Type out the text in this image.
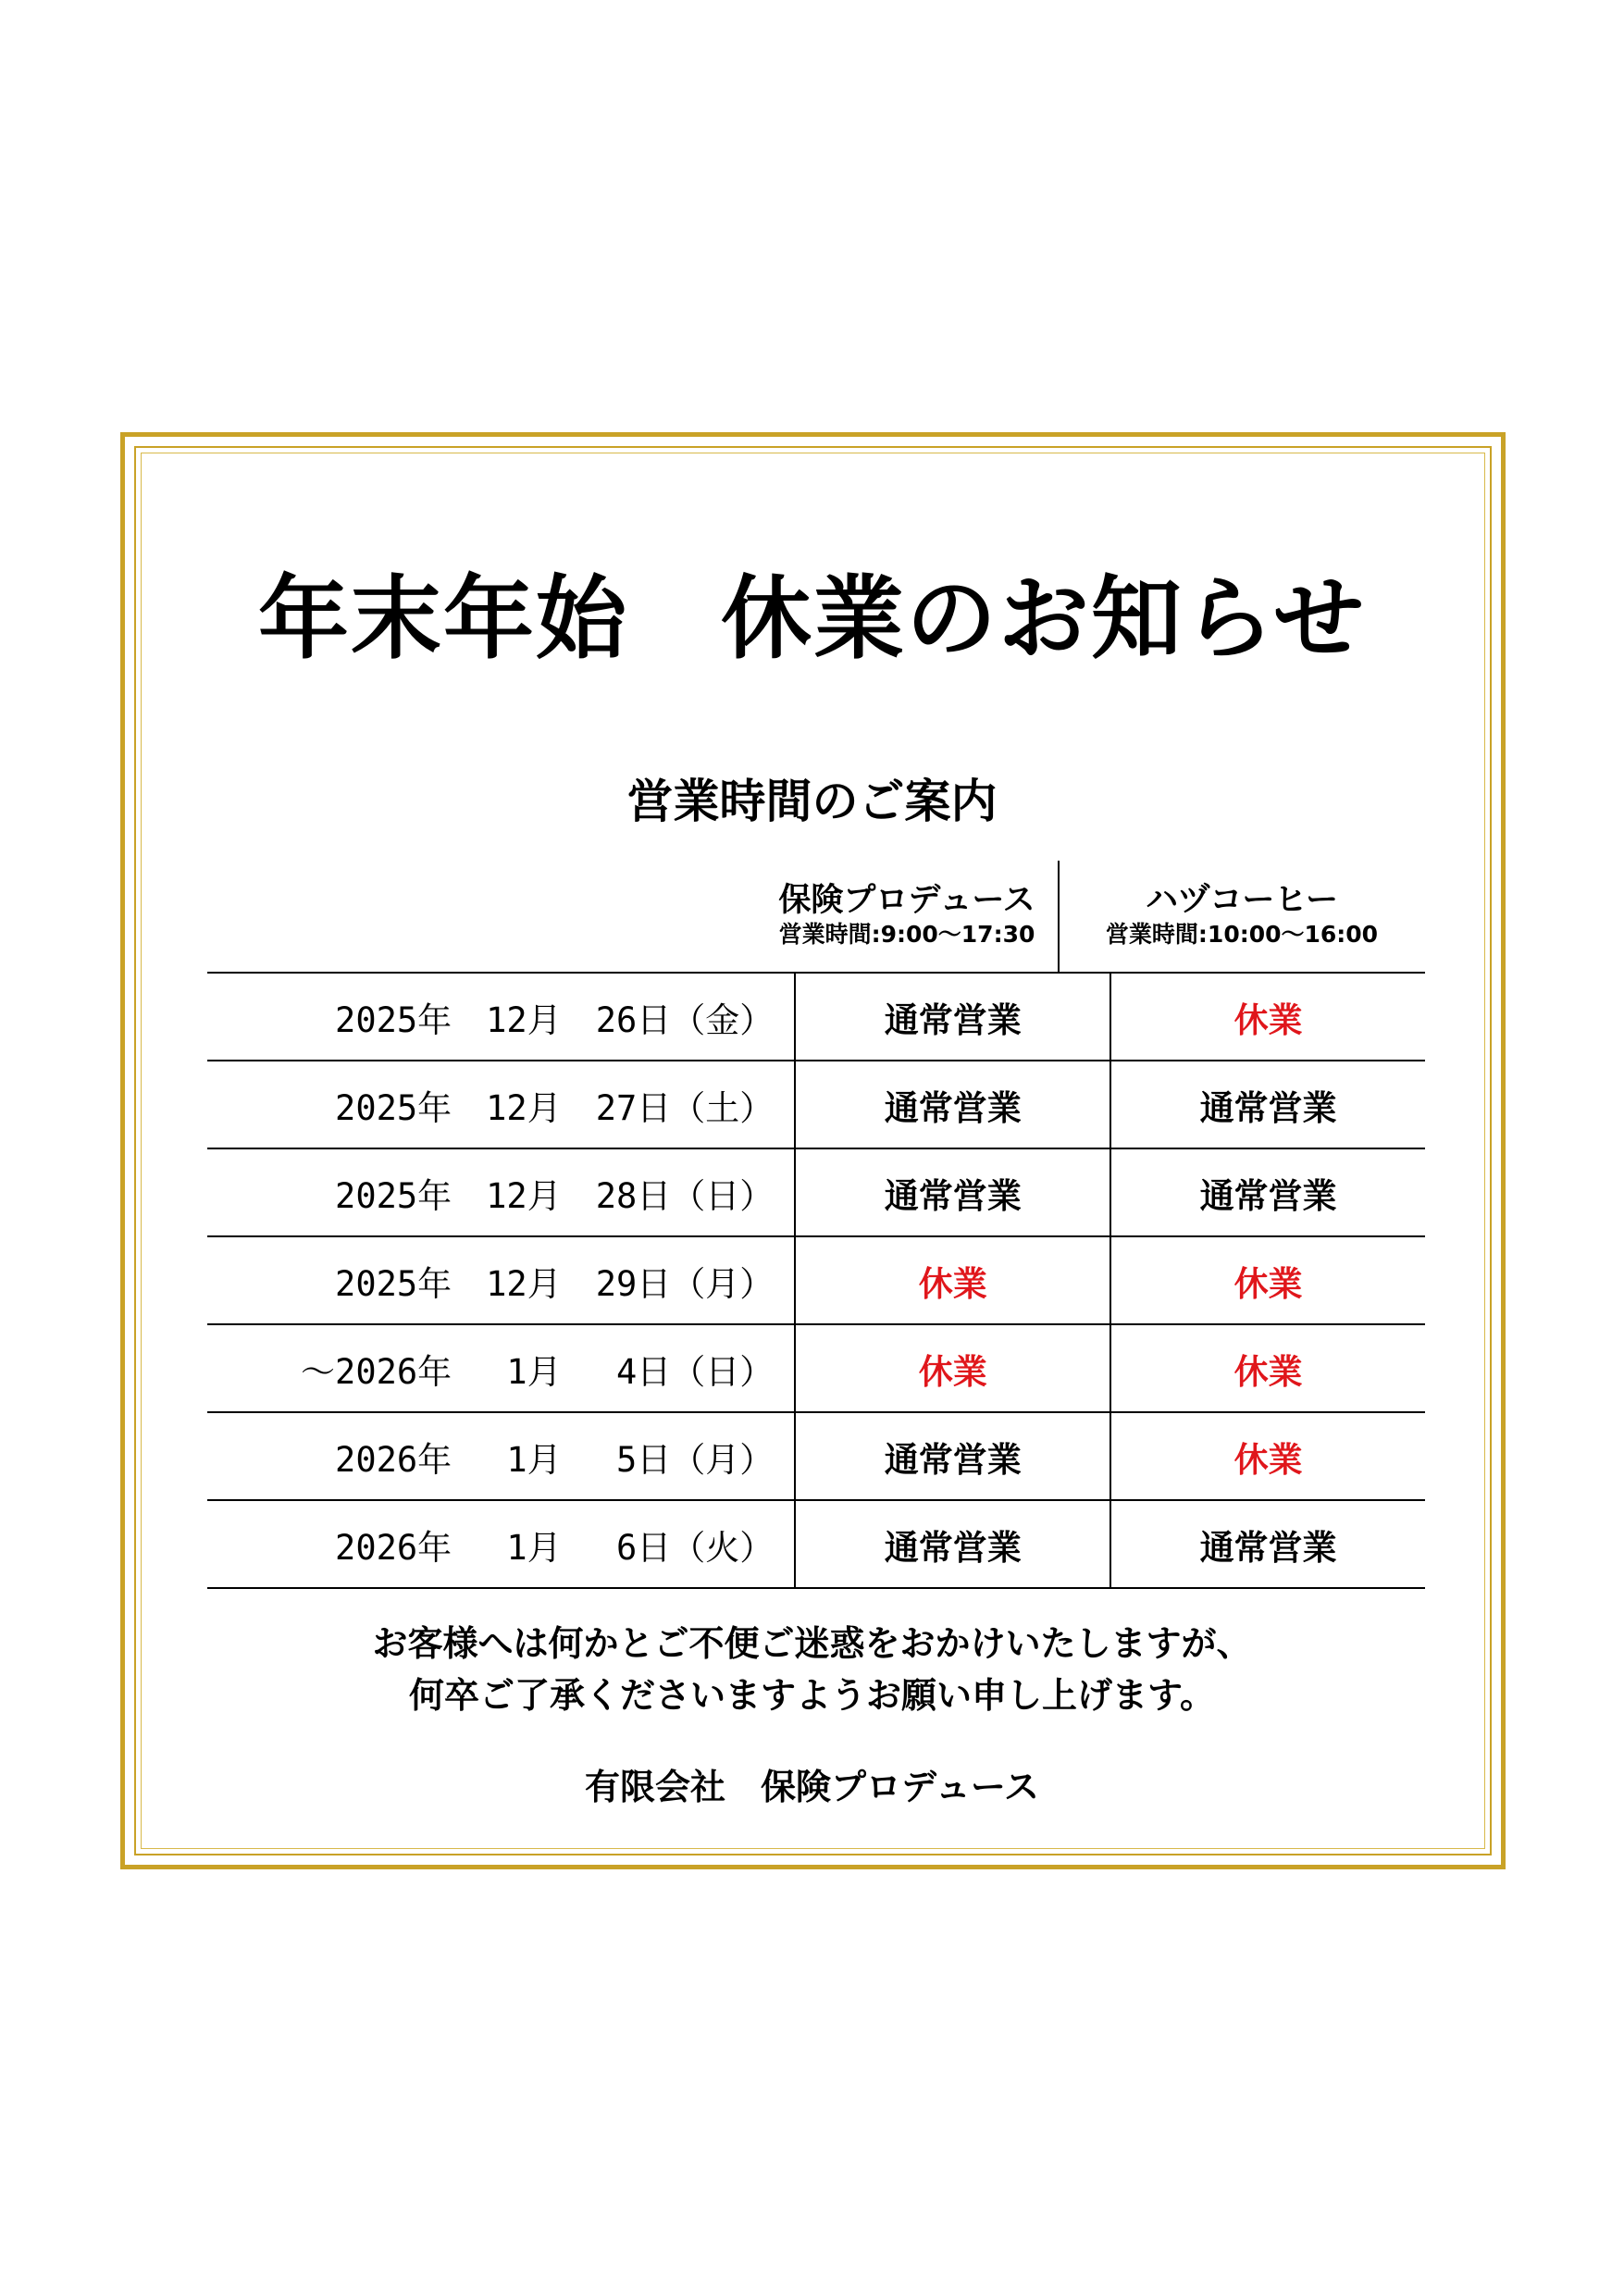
年末年始　休業のお知らせ
営業時間のご案内
保険プロデュース
営業時間:9:00～17:30
ハヅコーヒー
営業時間:10:00～16:00
2025年　12月　26日（金）	通常営業	休業
2025年　12月　27日（土）	通常営業	通常営業
2025年　12月　28日（日）	通常営業	通常営業
2025年　12月　29日（月）	休業	休業
～2026年　 1月　 4日（日）	休業	休業
2026年　 1月　 5日（月）	通常営業	休業
2026年　 1月　 6日（火）	通常営業	通常営業
お客様へは何かとご不便ご迷惑をおかけいたしますが、
何卒ご了承くださいますようお願い申し上げます。
有限会社　保険プロデュース
